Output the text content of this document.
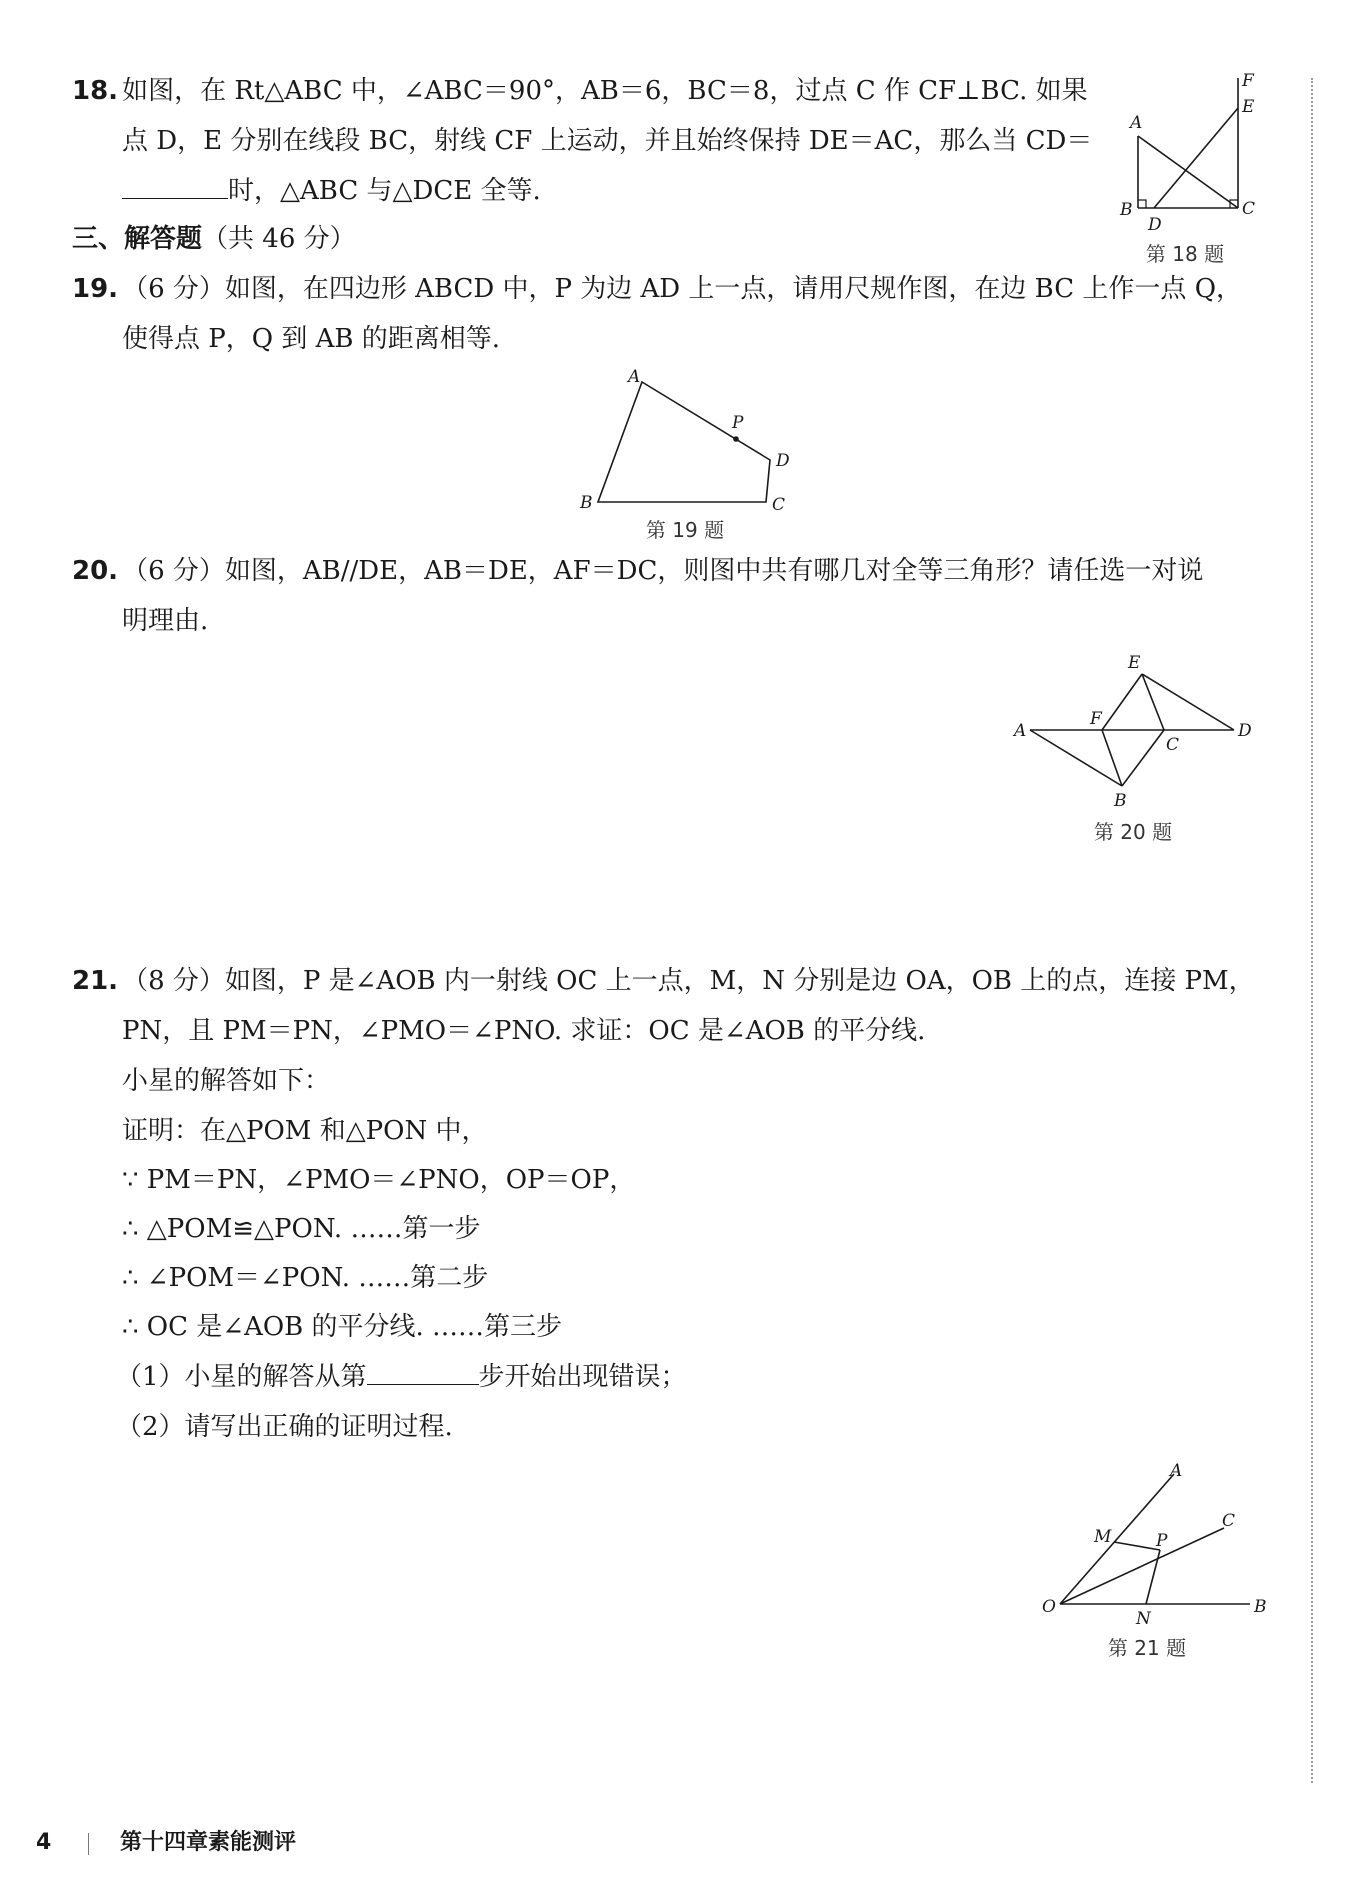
18. 如图，在 Rt△ABC 中，∠ABC＝90°，AB＝6，BC＝8，过点 C 作 CF⊥BC. 如果
点 D，E 分别在线段 BC，射线 CF 上运动，并且始终保持 DE＝AC，那么当 CD＝
时，△ABC 与△DCE 全等.
A
B	C
D
E
F
第 18 题
三、解答题（共 46 分）
19. （6 分）如图，在四边形 ABCD 中，P 为边 AD 上一点，请用尺规作图，在边 BC 上作一点 Q，
使得点 P，Q 到 AB 的距离相等.
A
B	C
D
P
第 19 题
20. （6 分）如图，AB//DE，AB＝DE，AF＝DC，则图中共有哪几对全等三角形？请任选一对说
明理由.
A
B
C
D
E
F
第 20 题
21. （8 分）如图，P 是∠AOB 内一射线 OC 上一点，M，N 分别是边 OA，OB 上的点，连接 PM，
PN，且 PM＝PN，∠PMO＝∠PNO. 求证：OC 是∠AOB 的平分线.
小星的解答如下：
证明：在△POM 和△PON 中，
∵ PM＝PN，∠PMO＝∠PNO，OP＝OP，
∴ △POM≌△PON. ……第一步
∴ ∠POM＝∠PON. ……第二步
∴ OC 是∠AOB 的平分线. ……第三步
（1）小星的解答从第	步开始出现错误；
（2）请写出正确的证明过程.
O	B
A
C
M	P
N
第 21 题
4	第十四章素能测评
